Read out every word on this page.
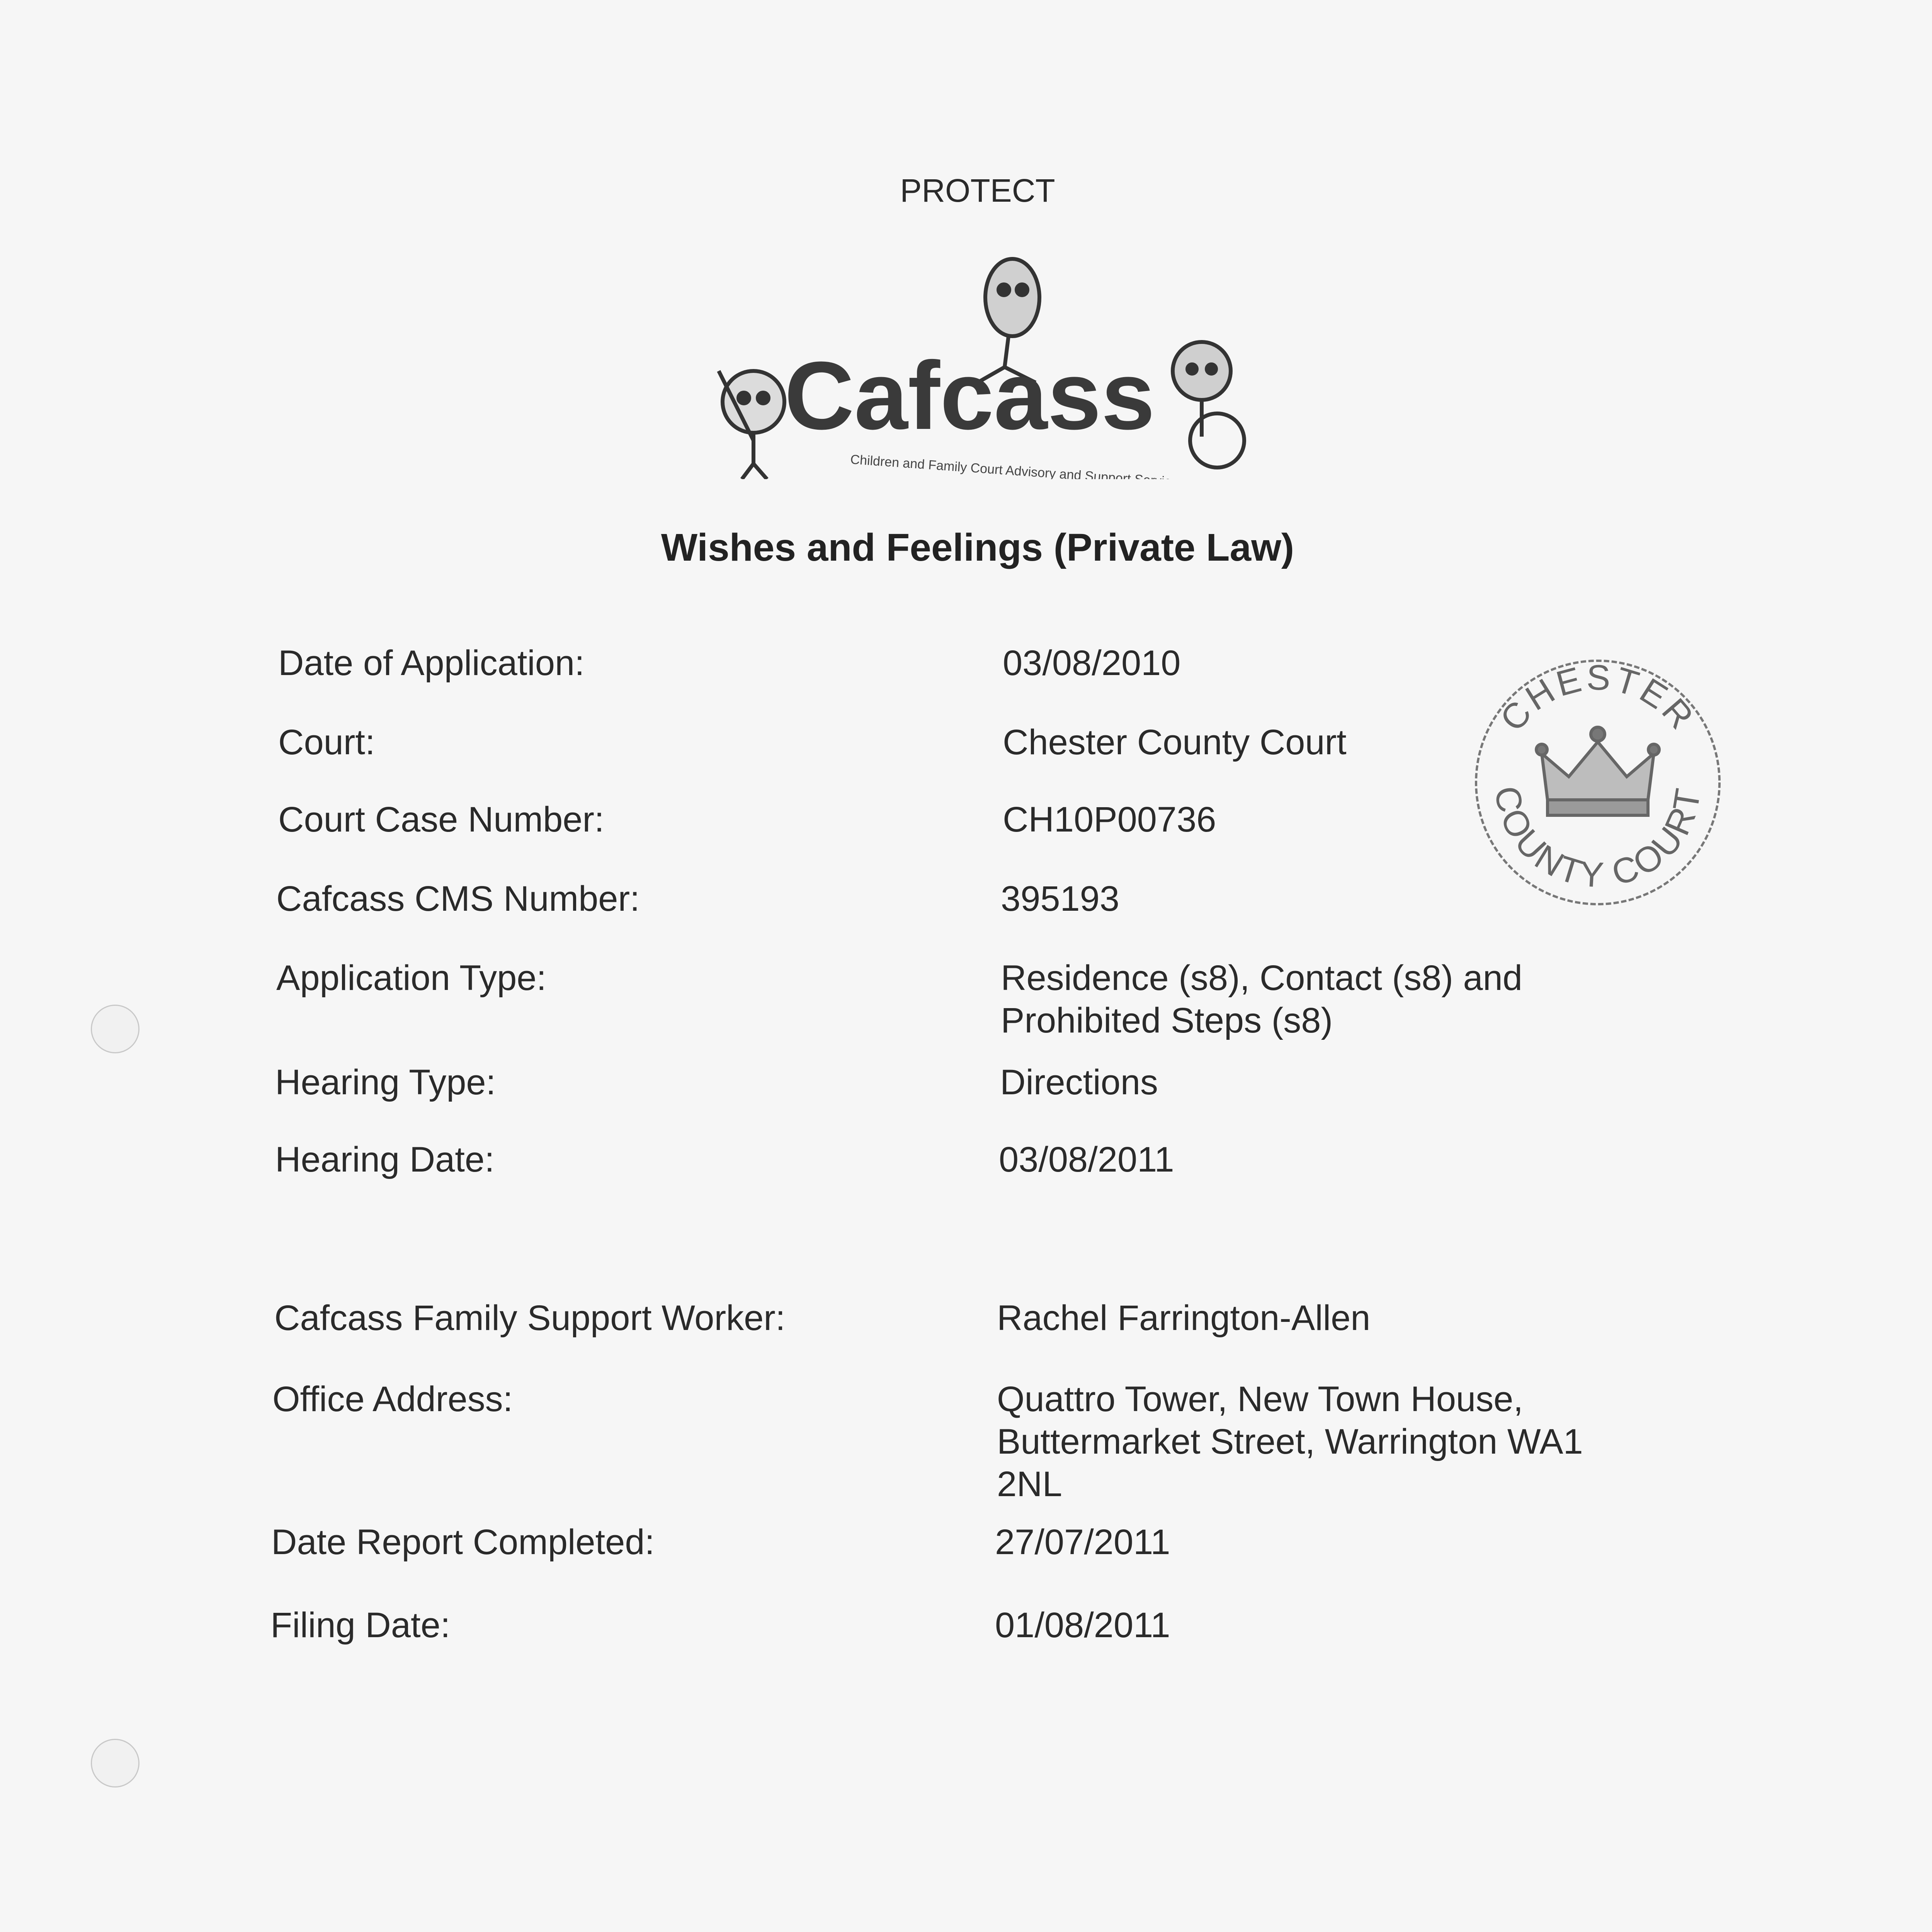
PROTECT
Cafcass
Children and Family Court Advisory and Support Service
Wishes and Feelings (Private Law)
Date of Application:	03/08/2010
Court:	Chester County Court
Court Case Number:	CH10P00736
Cafcass CMS Number:	395193
Application Type:	Residence (s8), Contact (s8) and
Prohibited Steps (s8)
Hearing Type:	Directions
Hearing Date:	03/08/2011
Cafcass Family Support Worker:	Rachel Farrington-Allen
Office Address:	Quattro Tower, New Town House,
Buttermarket Street, Warrington WA1
2NL
Date Report Completed:	27/07/2011
Filing Date:	01/08/2011
CHESTER
COUNTY COURT
